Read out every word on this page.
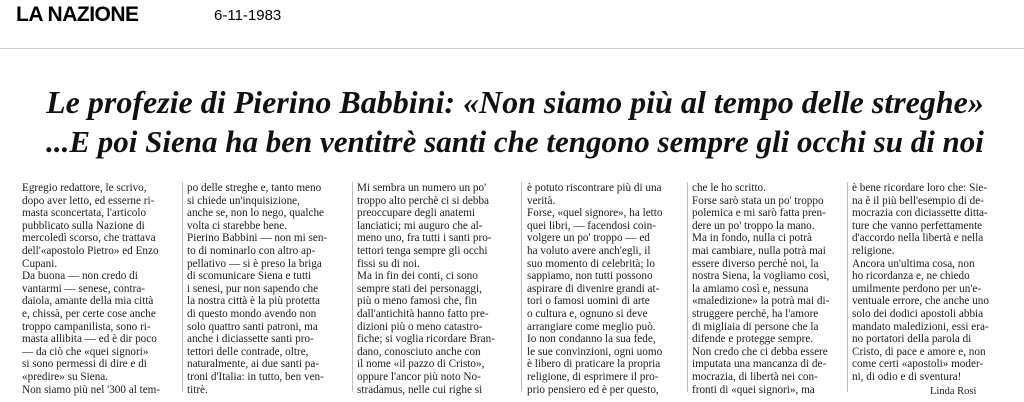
LA NAZIONE	6-11-1983
Le profezie di Pierino Babbini: «Non siamo più al tempo delle streghe»
...E poi Siena ha ben ventitrè santi che tengono sempre gli occhi su di noi
Egregio redattore, le scrivo,
dopo aver letto, ed esserne ri-
masta sconcertata, l'articolo
pubblicato sulla Nazione di
mercoledì scorso, che trattava
dell'«apostolo Pietro» ed Enzo
Cupani.
Da buona — non credo di
vantarmi — senese, contra-
daiola, amante della mia città
e, chissà, per certe cose anche
troppo campanilista, sono ri-
masta allibita — ed è dir poco
— da ciò che «quei signori»
si sono permessi di dire e di
«predire» su Siena.
Non siamo più nel '300 al tem-
po delle streghe e, tanto meno
si chiede un'inquisizione,
anche se, non lo nego, qualche
volta ci starebbe bene.
Pierino Babbini — non mi sen-
to di nominarlo con altro ap-
pellativo — si è preso la briga
di scomunicare Siena e tutti
i senesi, pur non sapendo che
la nostra città è la più protetta
di questo mondo avendo non
solo quattro santi patroni, ma
anche i diciassette santi pro-
tettori delle contrade, oltre,
naturalmente, ai due santi pa-
troni d'Italia: in tutto, ben ven-
titrè.
Mi sembra un numero un po'
troppo alto perchè ci si debba
preoccupare degli anatemi
lanciatici; mi auguro che al-
meno uno, fra tutti i santi pro-
tettori tenga sempre gli occhi
fissi su di noi.
Ma in fin dei conti, ci sono
sempre stati dei personaggi,
più o meno famosi che, fin
dall'antichità hanno fatto pre-
dizioni più o meno catastro-
fiche; si voglia ricordare Bran-
dano, conosciuto anche con
il nome «il pazzo di Cristo»,
oppure l'ancor più noto No-
stradamus, nelle cui righe si
è potuto riscontrare più di una
verità.
Forse, «quel signore», ha letto
quei libri, — facendosi coin-
volgere un po' troppo — ed
ha voluto avere anch'egli, il
suo momento di celebrità; lo
sappiamo, non tutti possono
aspirare di divenire grandi at-
tori o famosi uomini di arte
o cultura e, ognuno si deve
arrangiare come meglio può.
Io non condanno la sua fede,
le sue convinzioni, ogni uomo
è libero di praticare la propria
religione, di esprimere il pro-
prio pensiero ed è per questo,
che le ho scritto.
Forse sarò stata un po' troppo
polemica e mi sarò fatta pren-
dere un po' troppo la mano.
Ma in fondo, nulla ci potrà
mai cambiare, nulla potrà mai
essere diverso perchè noi, la
nostra Siena, la vogliamo così,
la amiamo così e, nessuna
«maledizione» la potrà mai di-
struggere perchè, ha l'amore
di migliaia di persone che la
difende e protegge sempre.
Non credo che ci debba essere
imputata una mancanza di de-
mocrazia, di libertà nei con-
fronti di «quei signori», ma
è bene ricordare loro che: Sie-
na è il più bell'esempio di de-
mocrazia con diciassette ditta-
ture che vanno perfettamente
d'accordo nella libertà e nella
religione.
Ancora un'ultima cosa, non
ho ricordanza e, ne chiedo
umilmente perdono per un'e-
ventuale errore, che anche uno
solo dei dodici apostoli abbia
mandato maledizioni, essi era-
no portatori della parola di
Cristo, di pace e amore e, non
come certi «apostoli» moder-
ni, di odio e di sventura!
Linda Rosi
